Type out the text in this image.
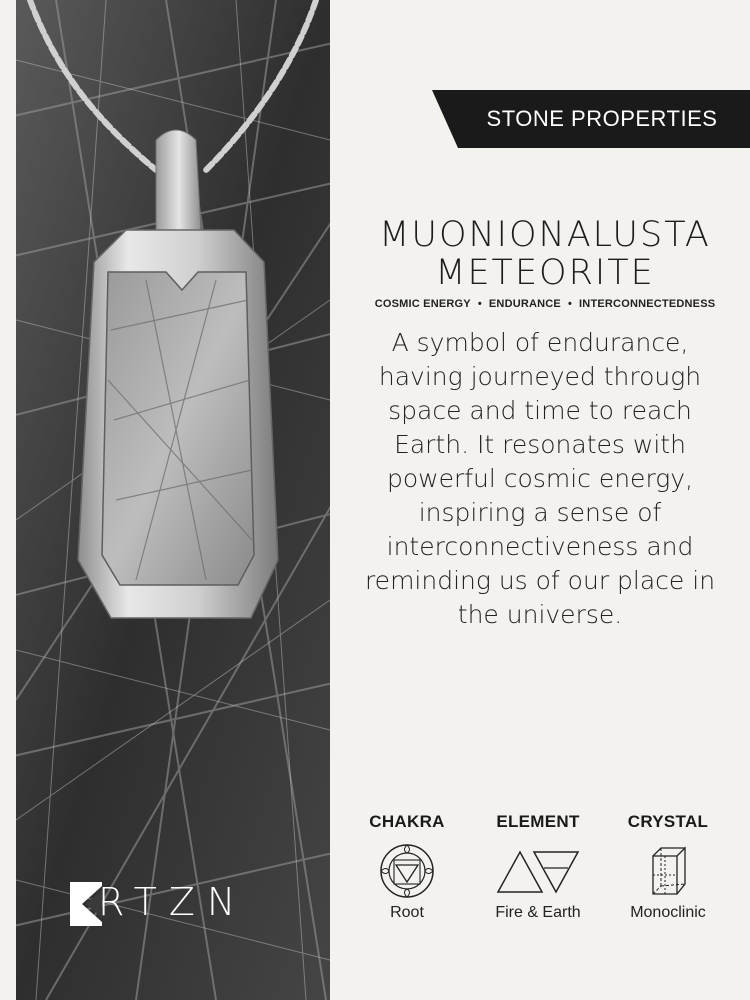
RTZN
STONE PROPERTIES
MUONIONALUSTA
METEORITE
COSMIC ENERGY • ENDURANCE • INTERCONNECTEDNESS
A symbol of endurance, having journeyed through space and time to reach Earth. It resonates with powerful cosmic energy, inspiring a sense of interconnectiveness and reminding us of our place in the universe.
CHAKRA
Root
ELEMENT
Fire & Earth
CRYSTAL
Monoclinic
